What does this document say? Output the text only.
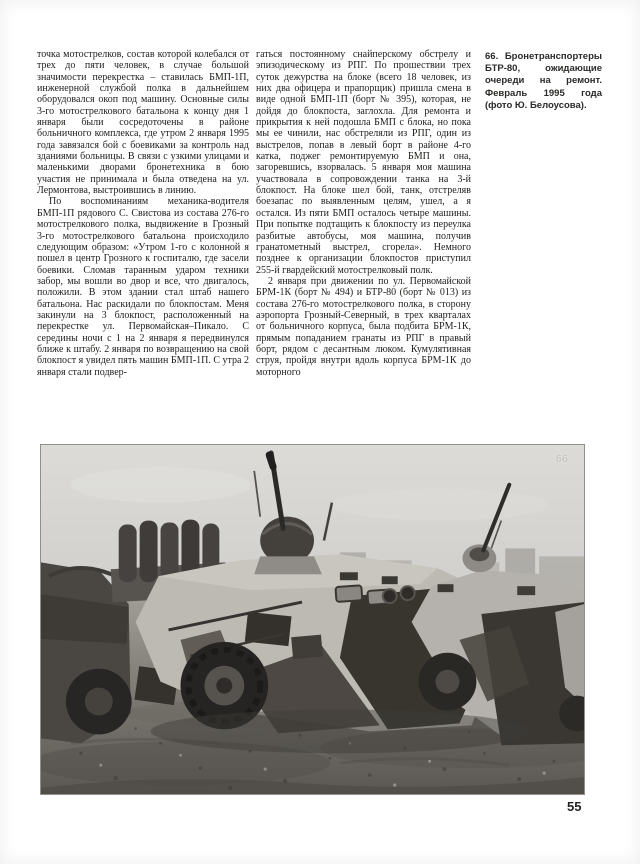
точка мотострелков, состав которой колебался от трех до пяти человек, в случае большой значимости перекрестка – ставилась БМП-1П, инженерной службой полка в дальнейшем оборудовался окоп под машину. Основные силы 3-го мотострелкового батальона к концу дня 1 января были сосредоточены в районе больничного комплекса, где утром 2 января 1995 года завязался бой с боевиками за контроль над зданиями больницы. В связи с узкими улицами и маленькими дворами бронетехника в бою участия не принимала и была отведена на ул. Лермонтова, выстроившись в линию.

По воспоминаниям механика-водителя БМП-1П рядового С. Свистова из состава 276-го мотострелкового полка, выдвижение в Грозный 3-го мотострелкового батальона происходило следующим образом: «Утром 1-го с колонной я пошел в центр Грозного к госпиталю, где засели боевики. Сломав таранным ударом техники забор, мы вошли во двор и все, что двигалось, положили. В этом здании стал штаб нашего батальона. Нас раскидали по блокпостам. Меня закинули на 3 блокпост, расположенный на перекрестке ул. Первомайская–Пикало. С середины ночи с 1 на 2 января я передвинулся ближе к штабу. 2 января по возвращению на свой блокпост я увидел пять машин БМП-1П. С утра 2 января стали подвер-

гаться постоянному снайперскому обстрелу и эпизодическому из РПГ. По прошествии трех суток дежурства на блоке (всего 18 человек, из них два офицера и прапорщик) пришла смена в виде одной БМП-1П (борт № 395), которая, не дойдя до блокпоста, заглохла. Для ремонта и прикрытия к ней подошла БМП с блока, но пока мы ее чинили, нас обстреляли из РПГ, один из выстрелов, попав в левый борт в районе 4-го катка, поджег ремонтируемую БМП и она, загоревшись, взорвалась. 5 января моя машина участвовала в сопровождении танка на 3-й блокпост. На блоке шел бой, танк, отстреляв боезапас по выявленным целям, ушел, а я остался. Из пяти БМП осталось четыре машины. При попытке подтащить к блокпосту из переулка разбитые автобусы, моя машина, получив гранатометный выстрел, сгорела». Немного позднее к организации блокпостов приступил 255-й гвардейский мотострелковый полк.

2 января при движении по ул. Первомайской БРМ-1К (борт № 494) и БТР-80 (борт № 013) из состава 276-го мотострелкового полка, в сторону аэропорта Грозный-Северный, в трех кварталах от больничного корпуса, была подбита БРМ-1К, прямым попаданием гранаты из РПГ в правый борт, рядом с десантным люком. Кумулятивная струя, пройдя внутри вдоль корпуса БРМ-1К до моторного

66. Бронетранспортеры БТР-80, ожидающие очереди на ремонт. Февраль 1995 года (фото Ю. Белоусова).
66
55
